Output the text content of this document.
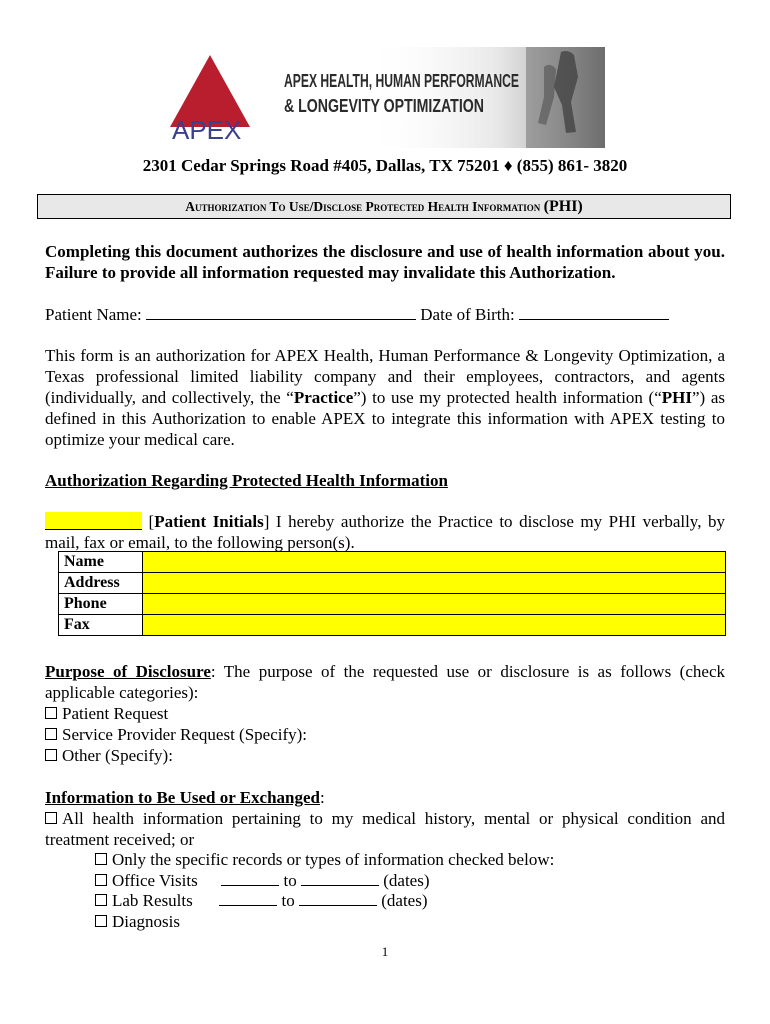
APEX
APEX HEALTH, HUMAN PERFORMANCE
& LONGEVITY OPTIMIZATION
2301 Cedar Springs Road #405, Dallas, TX 75201 ♦ (855) 861- 3820
Authorization To Use/Disclose Protected Health Information (PHI)
Completing this document authorizes the disclosure and use of health information about you. Failure to provide all information requested may invalidate this Authorization.
Patient Name:	Date of Birth:
This form is an authorization for APEX Health, Human Performance & Longevity Optimization, a Texas professional limited liability company and their employees, contractors, and agents (individually, and collectively, the “Practice”) to use my protected health information (“PHI”) as defined in this Authorization to enable APEX to integrate this information with APEX testing to optimize your medical care.
Authorization Regarding Protected Health Information
[Patient Initials] I hereby authorize the Practice to disclose my PHI verbally, by mail, fax or email, to the following person(s).
Name	
Address	
Phone	
Fax	
Purpose of Disclosure: The purpose of the requested use or disclosure is as follows (check applicable categories):
Patient Request
Service Provider Request (Specify):
Other (Specify):
Information to Be Used or Exchanged:
All health information pertaining to my medical history, mental or physical condition and treatment received; or
Only the specific records or types of information checked below:
Office Visits	to	(dates)
Lab Results	to	(dates)
Diagnosis
1
